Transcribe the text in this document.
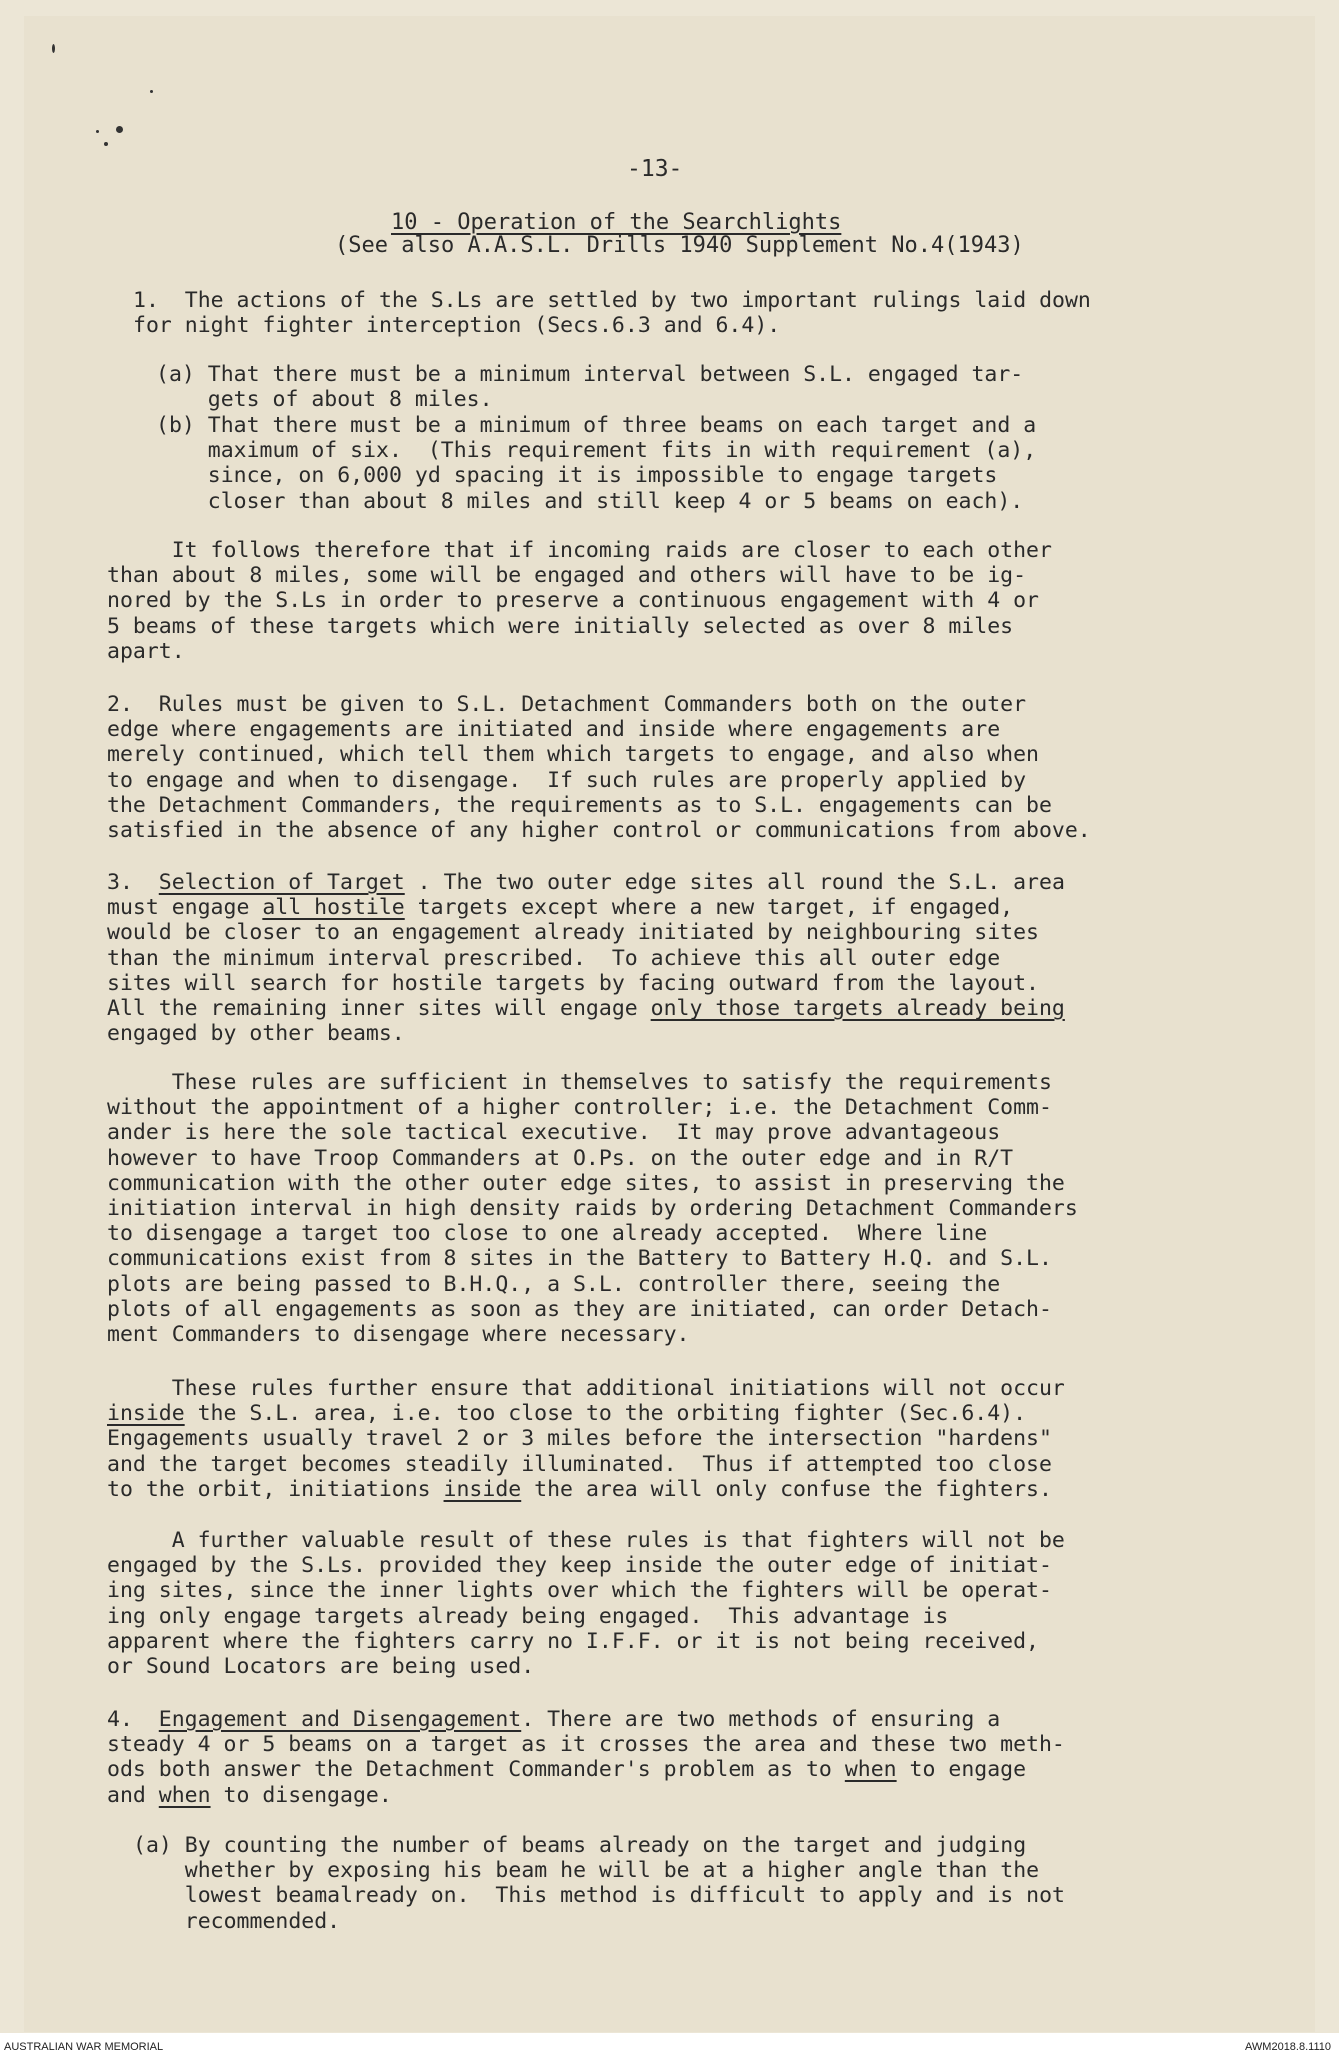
-13-
10 - Operation of the Searchlights
(See also A.A.S.L. Drills 1940 Supplement No.4(1943)
1.  The actions of the S.Ls are settled by two important rulings laid down
for night fighter interception (Secs.6.3 and 6.4).
(a) That there must be a minimum interval between S.L. engaged tar-
gets of about 8 miles.
(b) That there must be a minimum of three beams on each target and a
maximum of six.  (This requirement fits in with requirement (a),
since, on 6,000 yd spacing it is impossible to engage targets
closer than about 8 miles and still keep 4 or 5 beams on each).
It follows therefore that if incoming raids are closer to each other
than about 8 miles, some will be engaged and others will have to be ig-
nored by the S.Ls in order to preserve a continuous engagement with 4 or
5 beams of these targets which were initially selected as over 8 miles
apart.
2.  Rules must be given to S.L. Detachment Commanders both on the outer
edge where engagements are initiated and inside where engagements are
merely continued, which tell them which targets to engage, and also when
to engage and when to disengage.  If such rules are properly applied by
the Detachment Commanders, the requirements as to S.L. engagements can be
satisfied in the absence of any higher control or communications from above.
3.  Selection of Target . The two outer edge sites all round the S.L. area
must engage all hostile targets except where a new target, if engaged,
would be closer to an engagement already initiated by neighbouring sites
than the minimum interval prescribed.  To achieve this all outer edge
sites will search for hostile targets by facing outward from the layout.
All the remaining inner sites will engage only those targets already being
engaged by other beams.
These rules are sufficient in themselves to satisfy the requirements
without the appointment of a higher controller; i.e. the Detachment Comm-
ander is here the sole tactical executive.  It may prove advantageous
however to have Troop Commanders at O.Ps. on the outer edge and in R/T
communication with the other outer edge sites, to assist in preserving the
initiation interval in high density raids by ordering Detachment Commanders
to disengage a target too close to one already accepted.  Where line
communications exist from 8 sites in the Battery to Battery H.Q. and S.L.
plots are being passed to B.H.Q., a S.L. controller there, seeing the
plots of all engagements as soon as they are initiated, can order Detach-
ment Commanders to disengage where necessary.
These rules further ensure that additional initiations will not occur
inside the S.L. area, i.e. too close to the orbiting fighter (Sec.6.4).
Engagements usually travel 2 or 3 miles before the intersection "hardens"
and the target becomes steadily illuminated.  Thus if attempted too close
to the orbit, initiations inside the area will only confuse the fighters.
A further valuable result of these rules is that fighters will not be
engaged by the S.Ls. provided they keep inside the outer edge of initiat-
ing sites, since the inner lights over which the fighters will be operat-
ing only engage targets already being engaged.  This advantage is
apparent where the fighters carry no I.F.F. or it is not being received,
or Sound Locators are being used.
4.  Engagement and Disengagement. There are two methods of ensuring a
steady 4 or 5 beams on a target as it crosses the area and these two meth-
ods both answer the Detachment Commander's problem as to when to engage
and when to disengage.
(a) By counting the number of beams already on the target and judging
whether by exposing his beam he will be at a higher angle than the
lowest beamalready on.  This method is difficult to apply and is not
recommended.
AUSTRALIAN WAR MEMORIAL	AWM2018.8.1110
